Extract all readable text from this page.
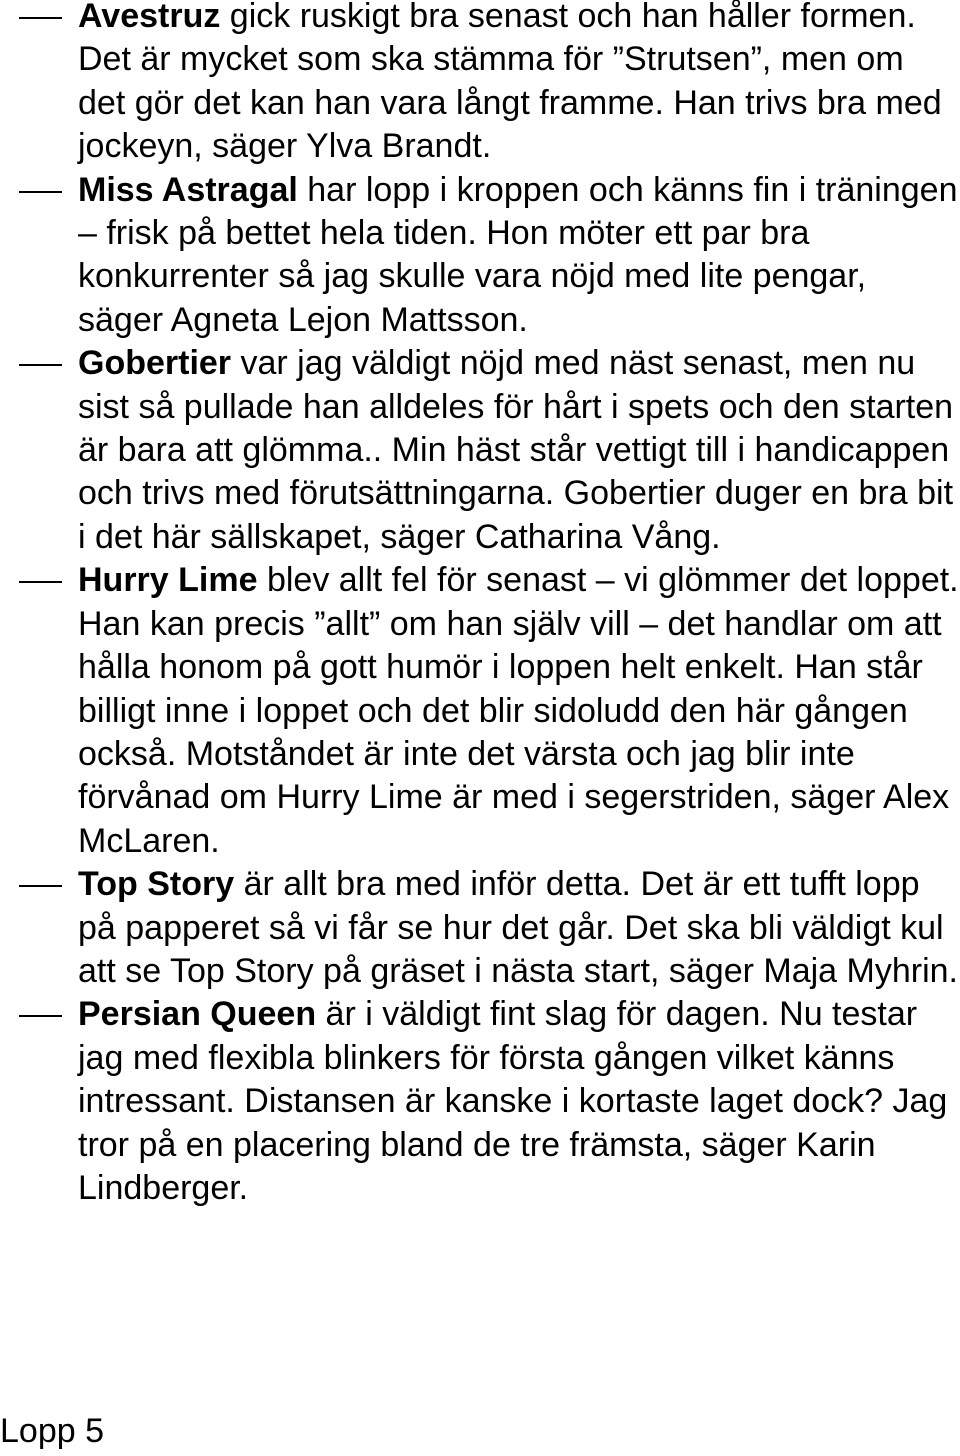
Avestruz gick ruskigt bra senast och han håller formen. Det är mycket som ska stämma för ”Strutsen”, men om det gör det kan han vara långt framme. Han trivs bra med jockeyn, säger Ylva Brandt.
Miss Astragal har lopp i kroppen och känns fin i träningen – frisk på bettet hela tiden. Hon möter ett par bra konkurrenter så jag skulle vara nöjd med lite pengar, säger Agneta Lejon Mattsson.
Gobertier var jag väldigt nöjd med näst senast, men nu sist så pullade han alldeles för hårt i spets och den starten är bara att glömma.. Min häst står vettigt till i handicappen och trivs med förutsättningarna. Gobertier duger en bra bit i det här sällskapet, säger Catharina Vång.
Hurry Lime blev allt fel för senast – vi glömmer det loppet. Han kan precis ”allt” om han själv vill – det handlar om att hålla honom på gott humör i loppen helt enkelt. Han står billigt inne i loppet och det blir sidoludd den här gången också. Motståndet är inte det värsta och jag blir inte förvånad om Hurry Lime är med i segerstriden, säger Alex McLaren.
Top Story är allt bra med inför detta. Det är ett tufft lopp på papperet så vi får se hur det går. Det ska bli väldigt kul att se Top Story på gräset i nästa start, säger Maja Myhrin.
Persian Queen är i väldigt fint slag för dagen. Nu testar jag med flexibla blinkers för första gången vilket känns intressant. Distansen är kanske i kortaste laget dock? Jag tror på en placering bland de tre främsta, säger Karin Lindberger.
Lopp 5
